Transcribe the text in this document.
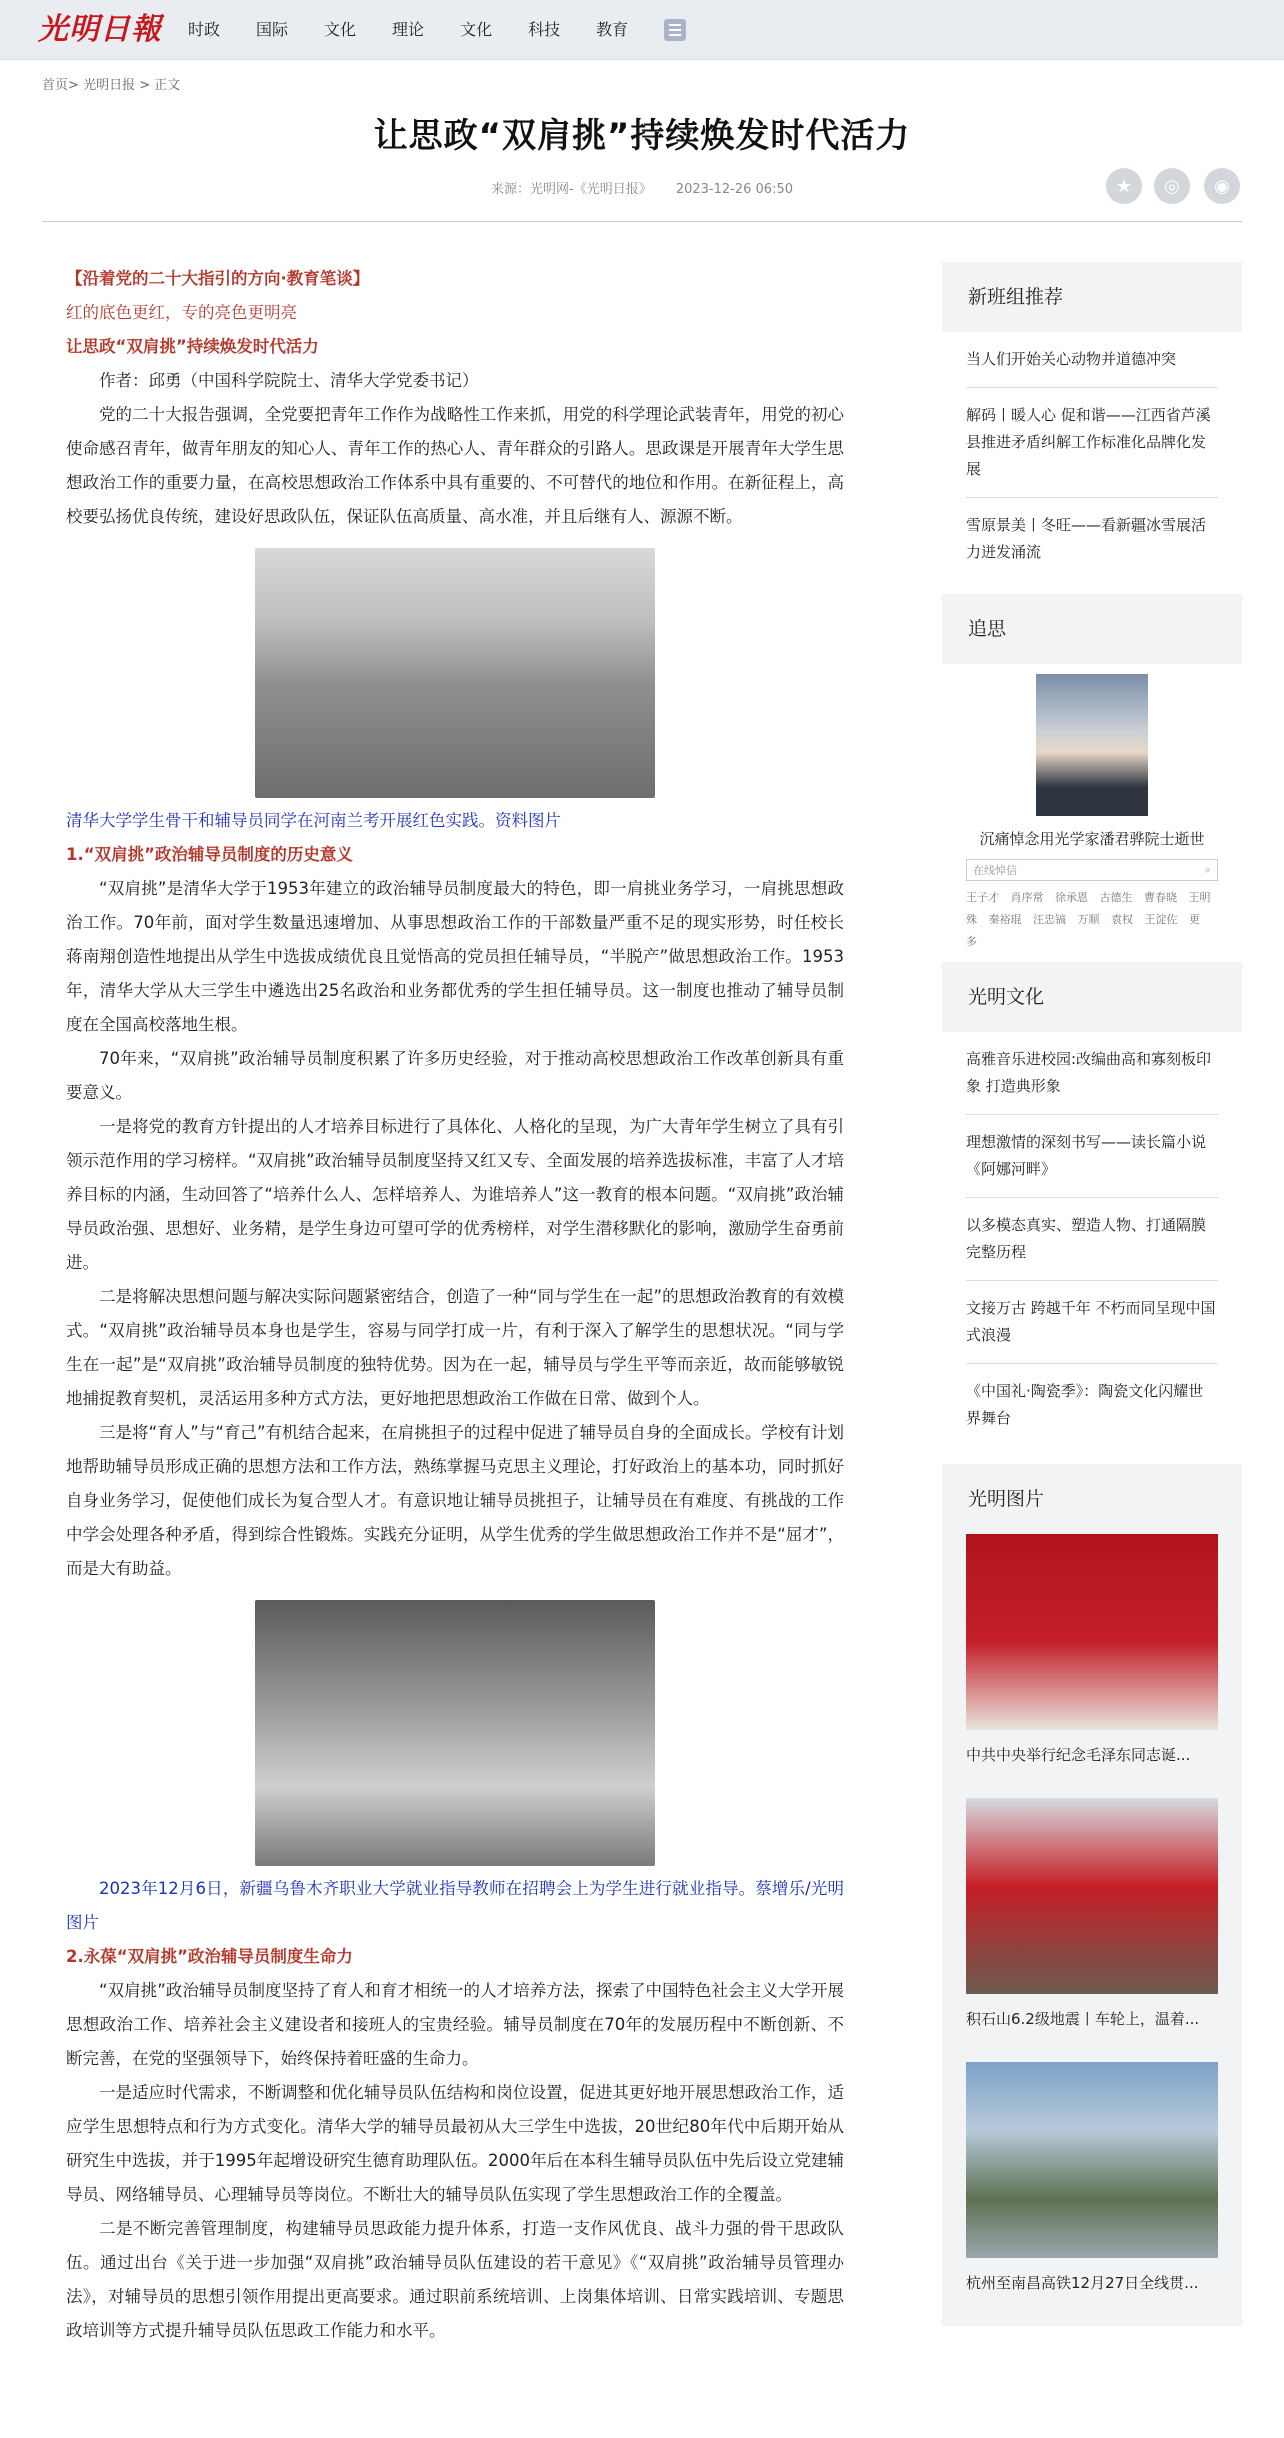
光明日報 时政 国际 文化 理论 文化 科技 教育
首页> 光明日报 > 正文
让思政“双肩挑”持续焕发时代活力
来源：光明网-《光明日报》 2023-12-26 06:50	★	◎	◉
【沿着党的二十大指引的方向·教育笔谈】
红的底色更红，专的亮色更明亮

让思政“双肩挑”持续焕发时代活力

作者：邱勇（中国科学院院士、清华大学党委书记）

党的二十大报告强调，全党要把青年工作作为战略性工作来抓，用党的科学理论武装青年，用党的初心使命感召青年，做青年朋友的知心人、青年工作的热心人、青年群众的引路人。思政课是开展青年大学生思想政治工作的重要力量，在高校思想政治工作体系中具有重要的、不可替代的地位和作用。在新征程上，高校要弘扬优良传统，建设好思政队伍，保证队伍高质量、高水准，并且后继有人、源源不断。

清华大学学生骨干和辅导员同学在河南兰考开展红色实践。资料图片

1.“双肩挑”政治辅导员制度的历史意义

“双肩挑”是清华大学于1953年建立的政治辅导员制度最大的特色，即一肩挑业务学习，一肩挑思想政治工作。70年前，面对学生数量迅速增加、从事思想政治工作的干部数量严重不足的现实形势，时任校长蒋南翔创造性地提出从学生中选拔成绩优良且觉悟高的党员担任辅导员，“半脱产”做思想政治工作。1953年，清华大学从大三学生中遴选出25名政治和业务都优秀的学生担任辅导员。这一制度也推动了辅导员制度在全国高校落地生根。

70年来，“双肩挑”政治辅导员制度积累了许多历史经验，对于推动高校思想政治工作改革创新具有重要意义。

一是将党的教育方针提出的人才培养目标进行了具体化、人格化的呈现，为广大青年学生树立了具有引领示范作用的学习榜样。“双肩挑”政治辅导员制度坚持又红又专、全面发展的培养选拔标准，丰富了人才培养目标的内涵，生动回答了“培养什么人、怎样培养人、为谁培养人”这一教育的根本问题。“双肩挑”政治辅导员政治强、思想好、业务精，是学生身边可望可学的优秀榜样，对学生潜移默化的影响，激励学生奋勇前进。

二是将解决思想问题与解决实际问题紧密结合，创造了一种“同与学生在一起”的思想政治教育的有效模式。“双肩挑”政治辅导员本身也是学生，容易与同学打成一片，有利于深入了解学生的思想状况。“同与学生在一起”是“双肩挑”政治辅导员制度的独特优势。因为在一起，辅导员与学生平等而亲近，故而能够敏锐地捕捉教育契机，灵活运用多种方式方法，更好地把思想政治工作做在日常、做到个人。

三是将“育人”与“育己”有机结合起来，在肩挑担子的过程中促进了辅导员自身的全面成长。学校有计划地帮助辅导员形成正确的思想方法和工作方法，熟练掌握马克思主义理论，打好政治上的基本功，同时抓好自身业务学习，促使他们成长为复合型人才。有意识地让辅导员挑担子，让辅导员在有难度、有挑战的工作中学会处理各种矛盾，得到综合性锻炼。实践充分证明，从学生优秀的学生做思想政治工作并不是“屈才”，而是大有助益。

2023年12月6日，新疆乌鲁木齐职业大学就业指导教师在招聘会上为学生进行就业指导。蔡增乐/光明图片

2.永葆“双肩挑”政治辅导员制度生命力

“双肩挑”政治辅导员制度坚持了育人和育才相统一的人才培养方法，探索了中国特色社会主义大学开展思想政治工作、培养社会主义建设者和接班人的宝贵经验。辅导员制度在70年的发展历程中不断创新、不断完善，在党的坚强领导下，始终保持着旺盛的生命力。

一是适应时代需求，不断调整和优化辅导员队伍结构和岗位设置，促进其更好地开展思想政治工作，适应学生思想特点和行为方式变化。清华大学的辅导员最初从大三学生中选拔，20世纪80年代中后期开始从研究生中选拔，并于1995年起增设研究生德育助理队伍。2000年后在本科生辅导员队伍中先后设立党建辅导员、网络辅导员、心理辅导员等岗位。不断壮大的辅导员队伍实现了学生思想政治工作的全覆盖。

二是不断完善管理制度，构建辅导员思政能力提升体系，打造一支作风优良、战斗力强的骨干思政队伍。通过出台《关于进一步加强“双肩挑”政治辅导员队伍建设的若干意见》《“双肩挑”政治辅导员管理办法》，对辅导员的思想引领作用提出更高要求。通过职前系统培训、上岗集体培训、日常实践培训、专题思政培训等方式提升辅导员队伍思政工作能力和水平。

新班组推荐
当人们开始关心动物并道德冲突
解码丨暖人心 促和谐——江西省芦溪县推进矛盾纠解工作标准化品牌化发展
雪原景美丨冬旺——看新疆冰雪展活力迸发涌流
追思
沉痛悼念用光学家潘君骅院士逝世
在线悼信	⌕
王子才 肖序常 徐承恩 古德生 曹春晓 王明殊 秦裕琨 汪忠镐 万顺 袁权 王淀佐 更多
光明文化
高雅音乐进校园:改编曲高和寡刻板印象 打造典形象
理想激情的深刻书写——读长篇小说《阿娜河畔》
以多模态真实、塑造人物、打通隔膜 完整历程
文接万古 跨越千年 不朽而同呈现中国式浪漫
《中国礼·陶瓷季》：陶瓷文化闪耀世界舞台
光明图片
中共中央举行纪念毛泽东同志诞...
积石山6.2级地震丨车轮上，温着...
杭州至南昌高铁12月27日全线贯...
